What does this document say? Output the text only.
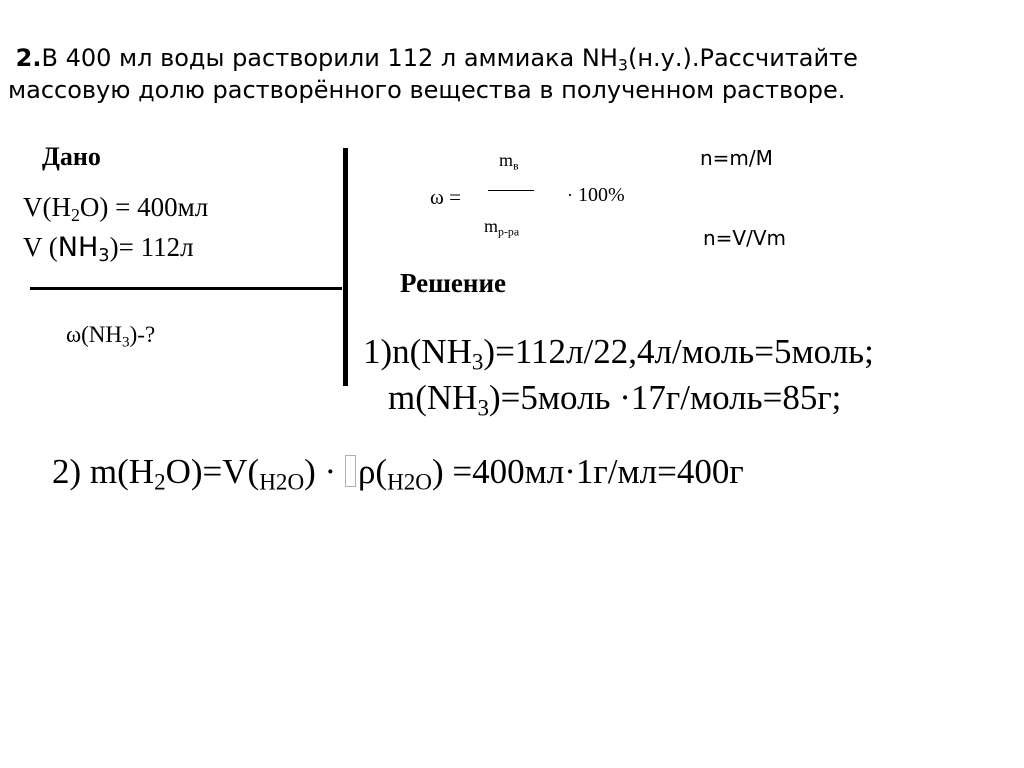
2.В 400 мл воды растворили 112 л аммиака $NH_3(н.у.).Рассчитайте$
массовую долю растворённого вещества в полученном растворе.
Дано
$V(H_2O) = 400мл$
V $(NH_3)= 112л$
$\omega(NH_3)-$?
$m_в$
ω =	· 100%
$m_{р-ра}$
n=m/M
n=V/Vm
Решение
$1)n(NH_3)=112л/22,4л/моль=5моль$;
$m(NH_3)=5моль$ ·17г/моль=85г;
2) $m(H_2O)=V(_{H2O}) \cdot \rho(_{H2O}) =400мл\cdot 1г/мл=400г$
